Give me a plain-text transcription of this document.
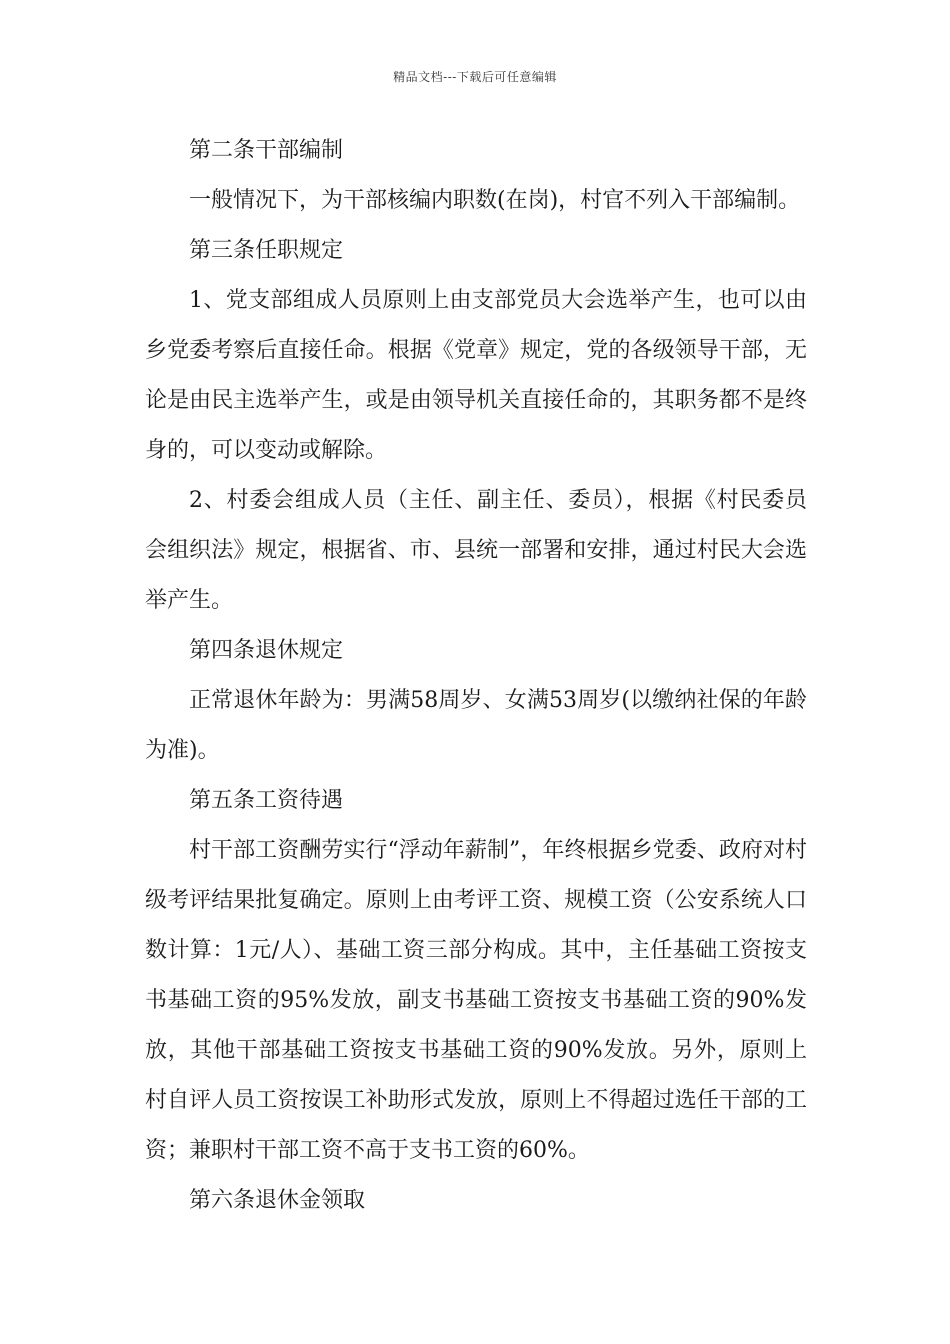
精品文档---下载后可任意编辑

第二条干部编制

一般情况下，为干部核编内职数(在岗)，村官不列入干部编制。

第三条任职规定

1、党支部组成人员原则上由支部党员大会选举产生，也可以由乡党委考察后直接任命。根据《党章》规定，党的各级领导干部，无论是由民主选举产生，或是由领导机关直接任命的，其职务都不是终身的，可以变动或解除。

2、村委会组成人员（主任、副主任、委员），根据《村民委员会组织法》规定，根据省、市、县统一部署和安排，通过村民大会选举产生。

第四条退休规定

正常退休年龄为：男满58周岁、女满53周岁(以缴纳社保的年龄为准)。

第五条工资待遇

村干部工资酬劳实行“浮动年薪制”，年终根据乡党委、政府对村级考评结果批复确定。原则上由考评工资、规模工资（公安系统人口数计算：1元/人）、基础工资三部分构成。其中，主任基础工资按支书基础工资的95%发放，副支书基础工资按支书基础工资的90%发放，其他干部基础工资按支书基础工资的90%发放。另外，原则上村自评人员工资按误工补助形式发放，原则上不得超过选任干部的工资；兼职村干部工资不高于支书工资的60%。

第六条退休金领取
